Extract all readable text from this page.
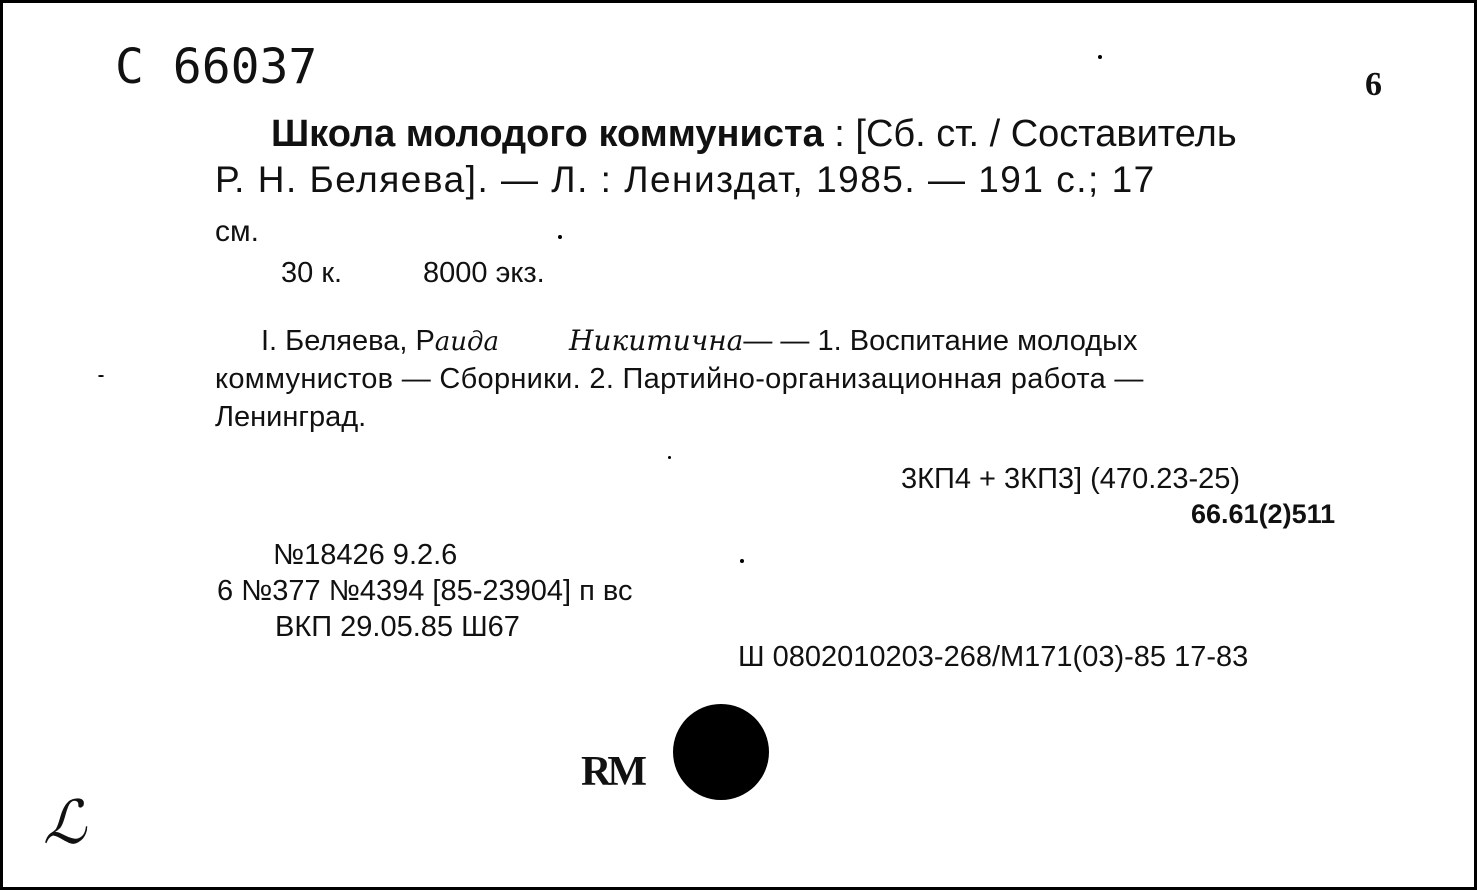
С 66037	6
Школа молодого коммуниста : [Сб. ст. / Составитель
Р. Н. Беляева]. — Л. : Лениздат, 1985. — 191 с.; 17
см.
30 к.	8000 экз.
I. Беляева, Раида	Никитична— — 1. Воспитание молодых
коммунистов — Сборники. 2. Партийно-организационная работа —
Ленинград.
3КП4 + 3КП3] (470.23-25)
66.61(2)511
№18426 9.2.6
6 №377 №4394 [85-23904] п вс
ВКП 29.05.85 Ш67
Ш 0802010203-268/М171(03)-85 17-83
RM
ℒ
